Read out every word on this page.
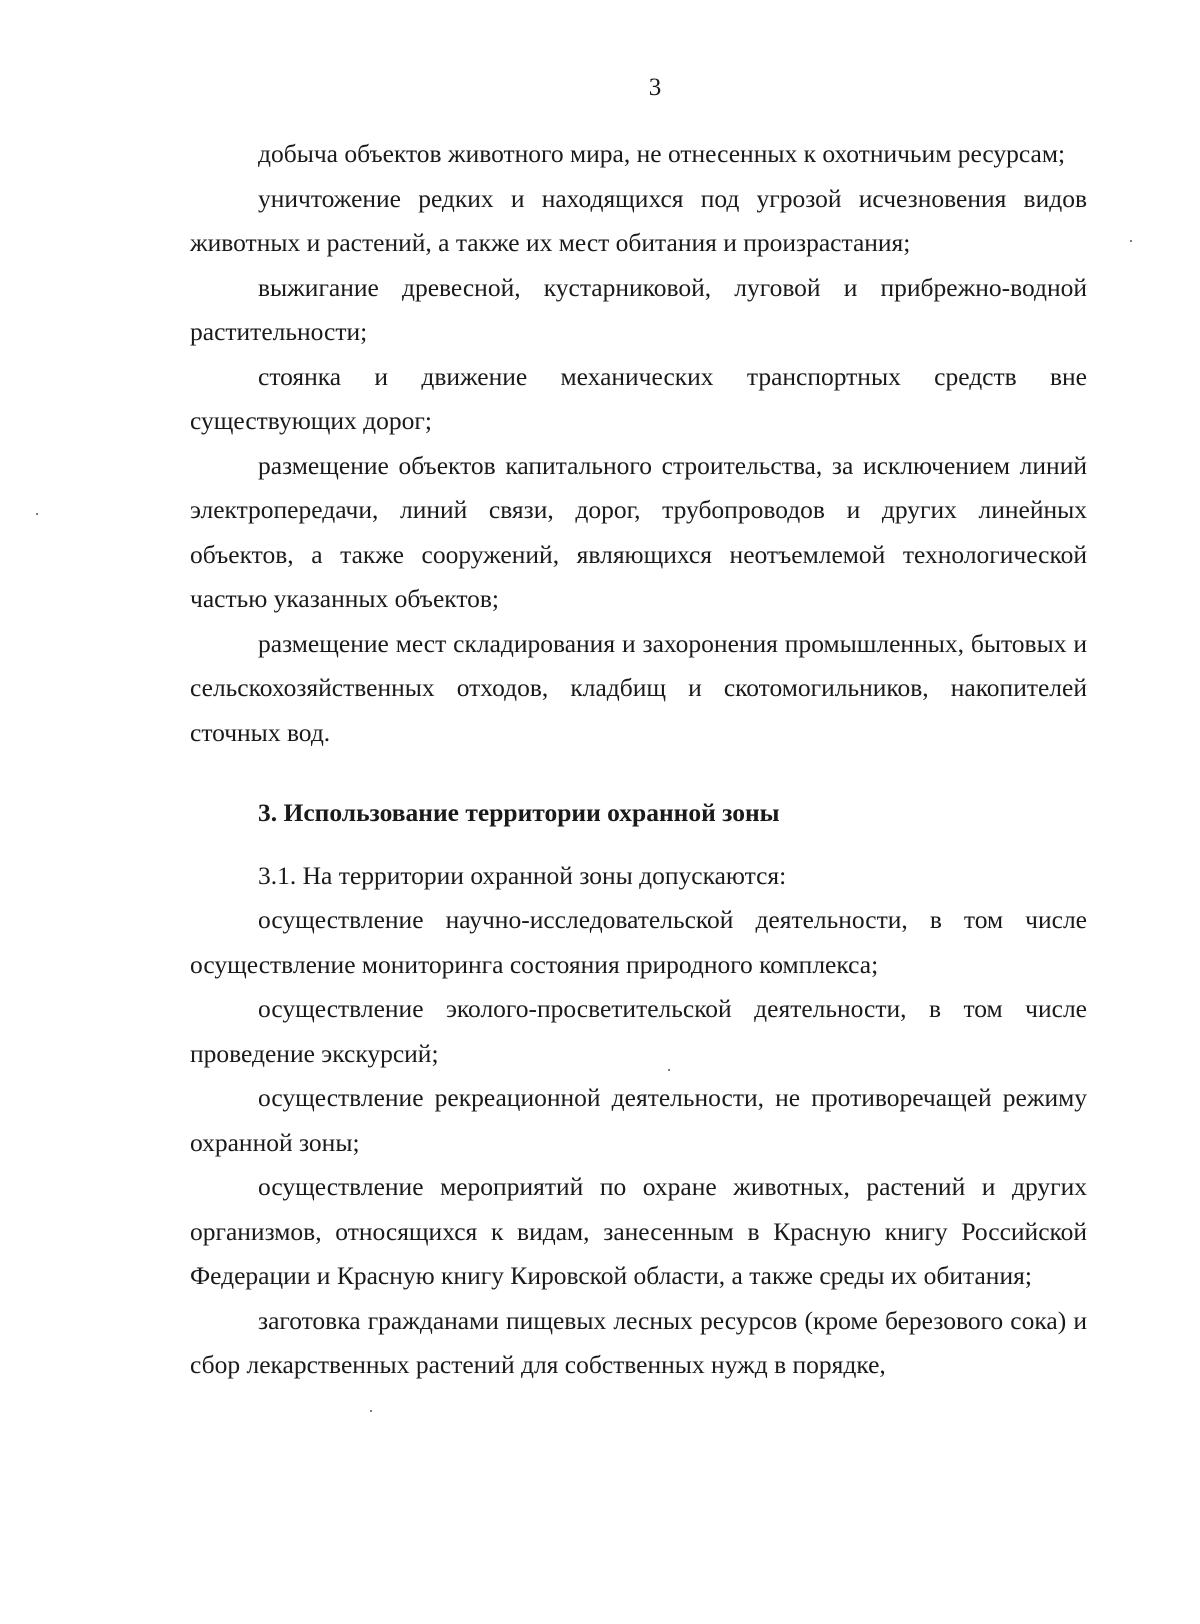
3

добыча объектов животного мира, не отнесенных к охотничьим ресурсам;

уничтожение редких и находящихся под угрозой исчезновения видов животных и растений, а также их мест обитания и произрастания;

выжигание древесной, кустарниковой, луговой и прибрежно-водной растительности;

стоянка и движение механических транспортных средств вне существующих дорог;

размещение объектов капитального строительства, за исключением линий электропередачи, линий связи, дорог, трубопроводов и других линейных объектов, а также сооружений, являющихся неотъемлемой технологической частью указанных объектов;

размещение мест складирования и захоронения промышленных, бытовых и сельскохозяйственных отходов, кладбищ и скотомогильников, накопителей сточных вод.

3. Использование территории охранной зоны

3.1. На территории охранной зоны допускаются:

осуществление научно-исследовательской деятельности, в том числе осуществление мониторинга состояния природного комплекса;

осуществление эколого-просветительской деятельности, в том числе проведение экскурсий;

осуществление рекреационной деятельности, не противоречащей режиму охранной зоны;

осуществление мероприятий по охране животных, растений и других организмов, относящихся к видам, занесенным в Красную книгу Российской Федерации и Красную книгу Кировской области, а также среды их обитания;

заготовка гражданами пищевых лесных ресурсов (кроме березового сока) и сбор лекарственных растений для собственных нужд в порядке,
